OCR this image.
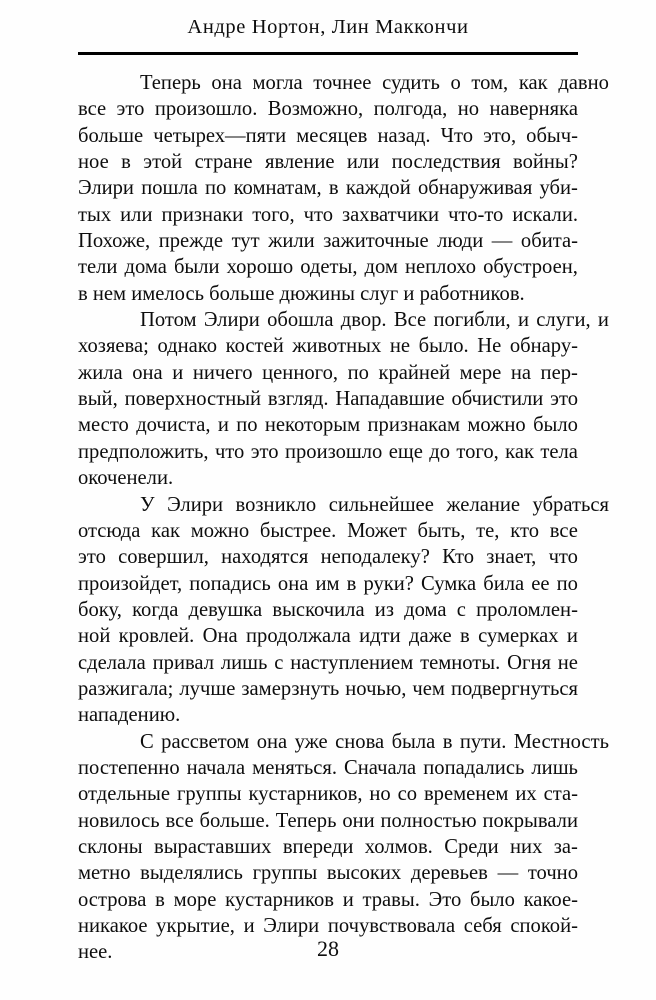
Андре Нортон, Лин Маккончи
Теперь она могла точнее судить о том, как давно
все это произошло. Возможно, полгода, но наверняка
больше четырех—пяти месяцев назад. Что это, обыч-
ное в этой стране явление или последствия войны?
Элири пошла по комнатам, в каждой обнаруживая уби-
тых или признаки того, что захватчики что-то искали.
Похоже, прежде тут жили зажиточные люди — обита-
тели дома были хорошо одеты, дом неплохо обустроен,
в нем имелось больше дюжины слуг и работников.
Потом Элири обошла двор. Все погибли, и слуги, и
хозяева; однако костей животных не было. Не обнару-
жила она и ничего ценного, по крайней мере на пер-
вый, поверхностный взгляд. Нападавшие обчистили это
место дочиста, и по некоторым признакам можно было
предположить, что это произошло еще до того, как тела
окоченели.
У Элири возникло сильнейшее желание убраться
отсюда как можно быстрее. Может быть, те, кто все
это совершил, находятся неподалеку? Кто знает, что
произойдет, попадись она им в руки? Сумка била ее по
боку, когда девушка выскочила из дома с проломлен-
ной кровлей. Она продолжала идти даже в сумерках и
сделала привал лишь с наступлением темноты. Огня не
разжигала; лучше замерзнуть ночью, чем подвергнуться
нападению.
С рассветом она уже снова была в пути. Местность
постепенно начала меняться. Сначала попадались лишь
отдельные группы кустарников, но со временем их ста-
новилось все больше. Теперь они полностью покрывали
склоны выраставших впереди холмов. Среди них за-
метно выделялись группы высоких деревьев — точно
острова в море кустарников и травы. Это было какое-
никакое укрытие, и Элири почувствовала себя спокой-
нее.	28
